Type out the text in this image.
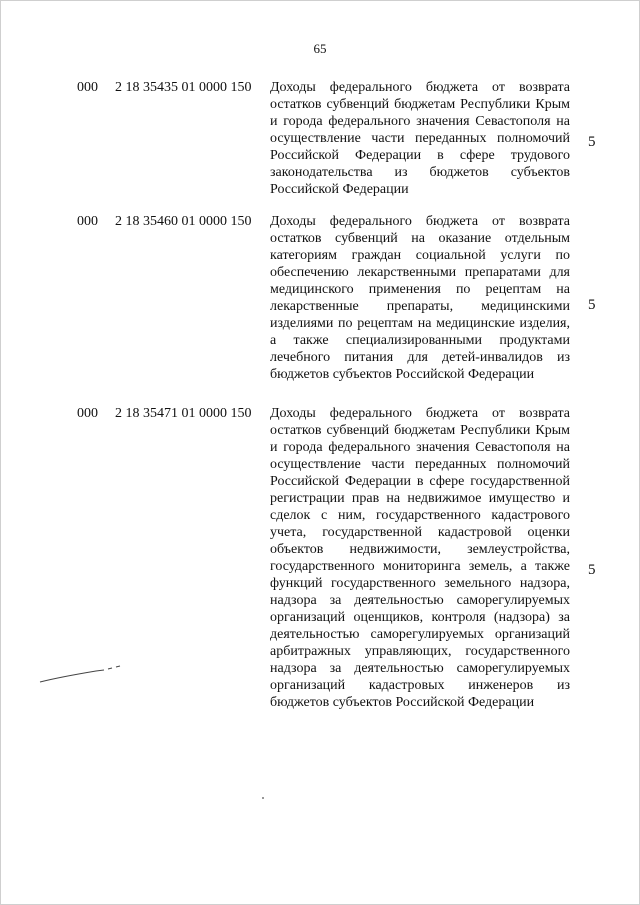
65
000 2 18 35435 01 0000 150 Доходы федерального бюджета от возврата остатков субвенций бюджетам Республики Крым и города федерального значения Севастополя на осуществление части переданных полномочий Российской Федерации в сфере трудового законодательства из бюджетов субъектов Российской Федерации
5
000 2 18 35460 01 0000 150 Доходы федерального бюджета от возврата остатков субвенций на оказание отдельным категориям граждан социальной услуги по обеспечению лекарственными препаратами для медицинского применения по рецептам на лекарственные препараты, медицинскими изделиями по рецептам на медицинские изделия, а также специализированными продуктами лечебного питания для детей-инвалидов из бюджетов субъектов Российской Федерации
5
000 2 18 35471 01 0000 150 Доходы федерального бюджета от возврата остатков субвенций бюджетам Республики Крым и города федерального значения Севастополя на осуществление части переданных полномочий Российской Федерации в сфере государственной регистрации прав на недвижимое имущество и сделок с ним, государственного кадастрового учета, государственной кадастровой оценки объектов недвижимости, землеустройства, государственного мониторинга земель, а также функций государственного земельного надзора, надзора за деятельностью саморегулируемых организаций оценщиков, контроля (надзора) за деятельностью саморегулируемых организаций арбитражных управляющих, государственного надзора за деятельностью саморегулируемых организаций кадастровых инженеров из бюджетов субъектов Российской Федерации
5
